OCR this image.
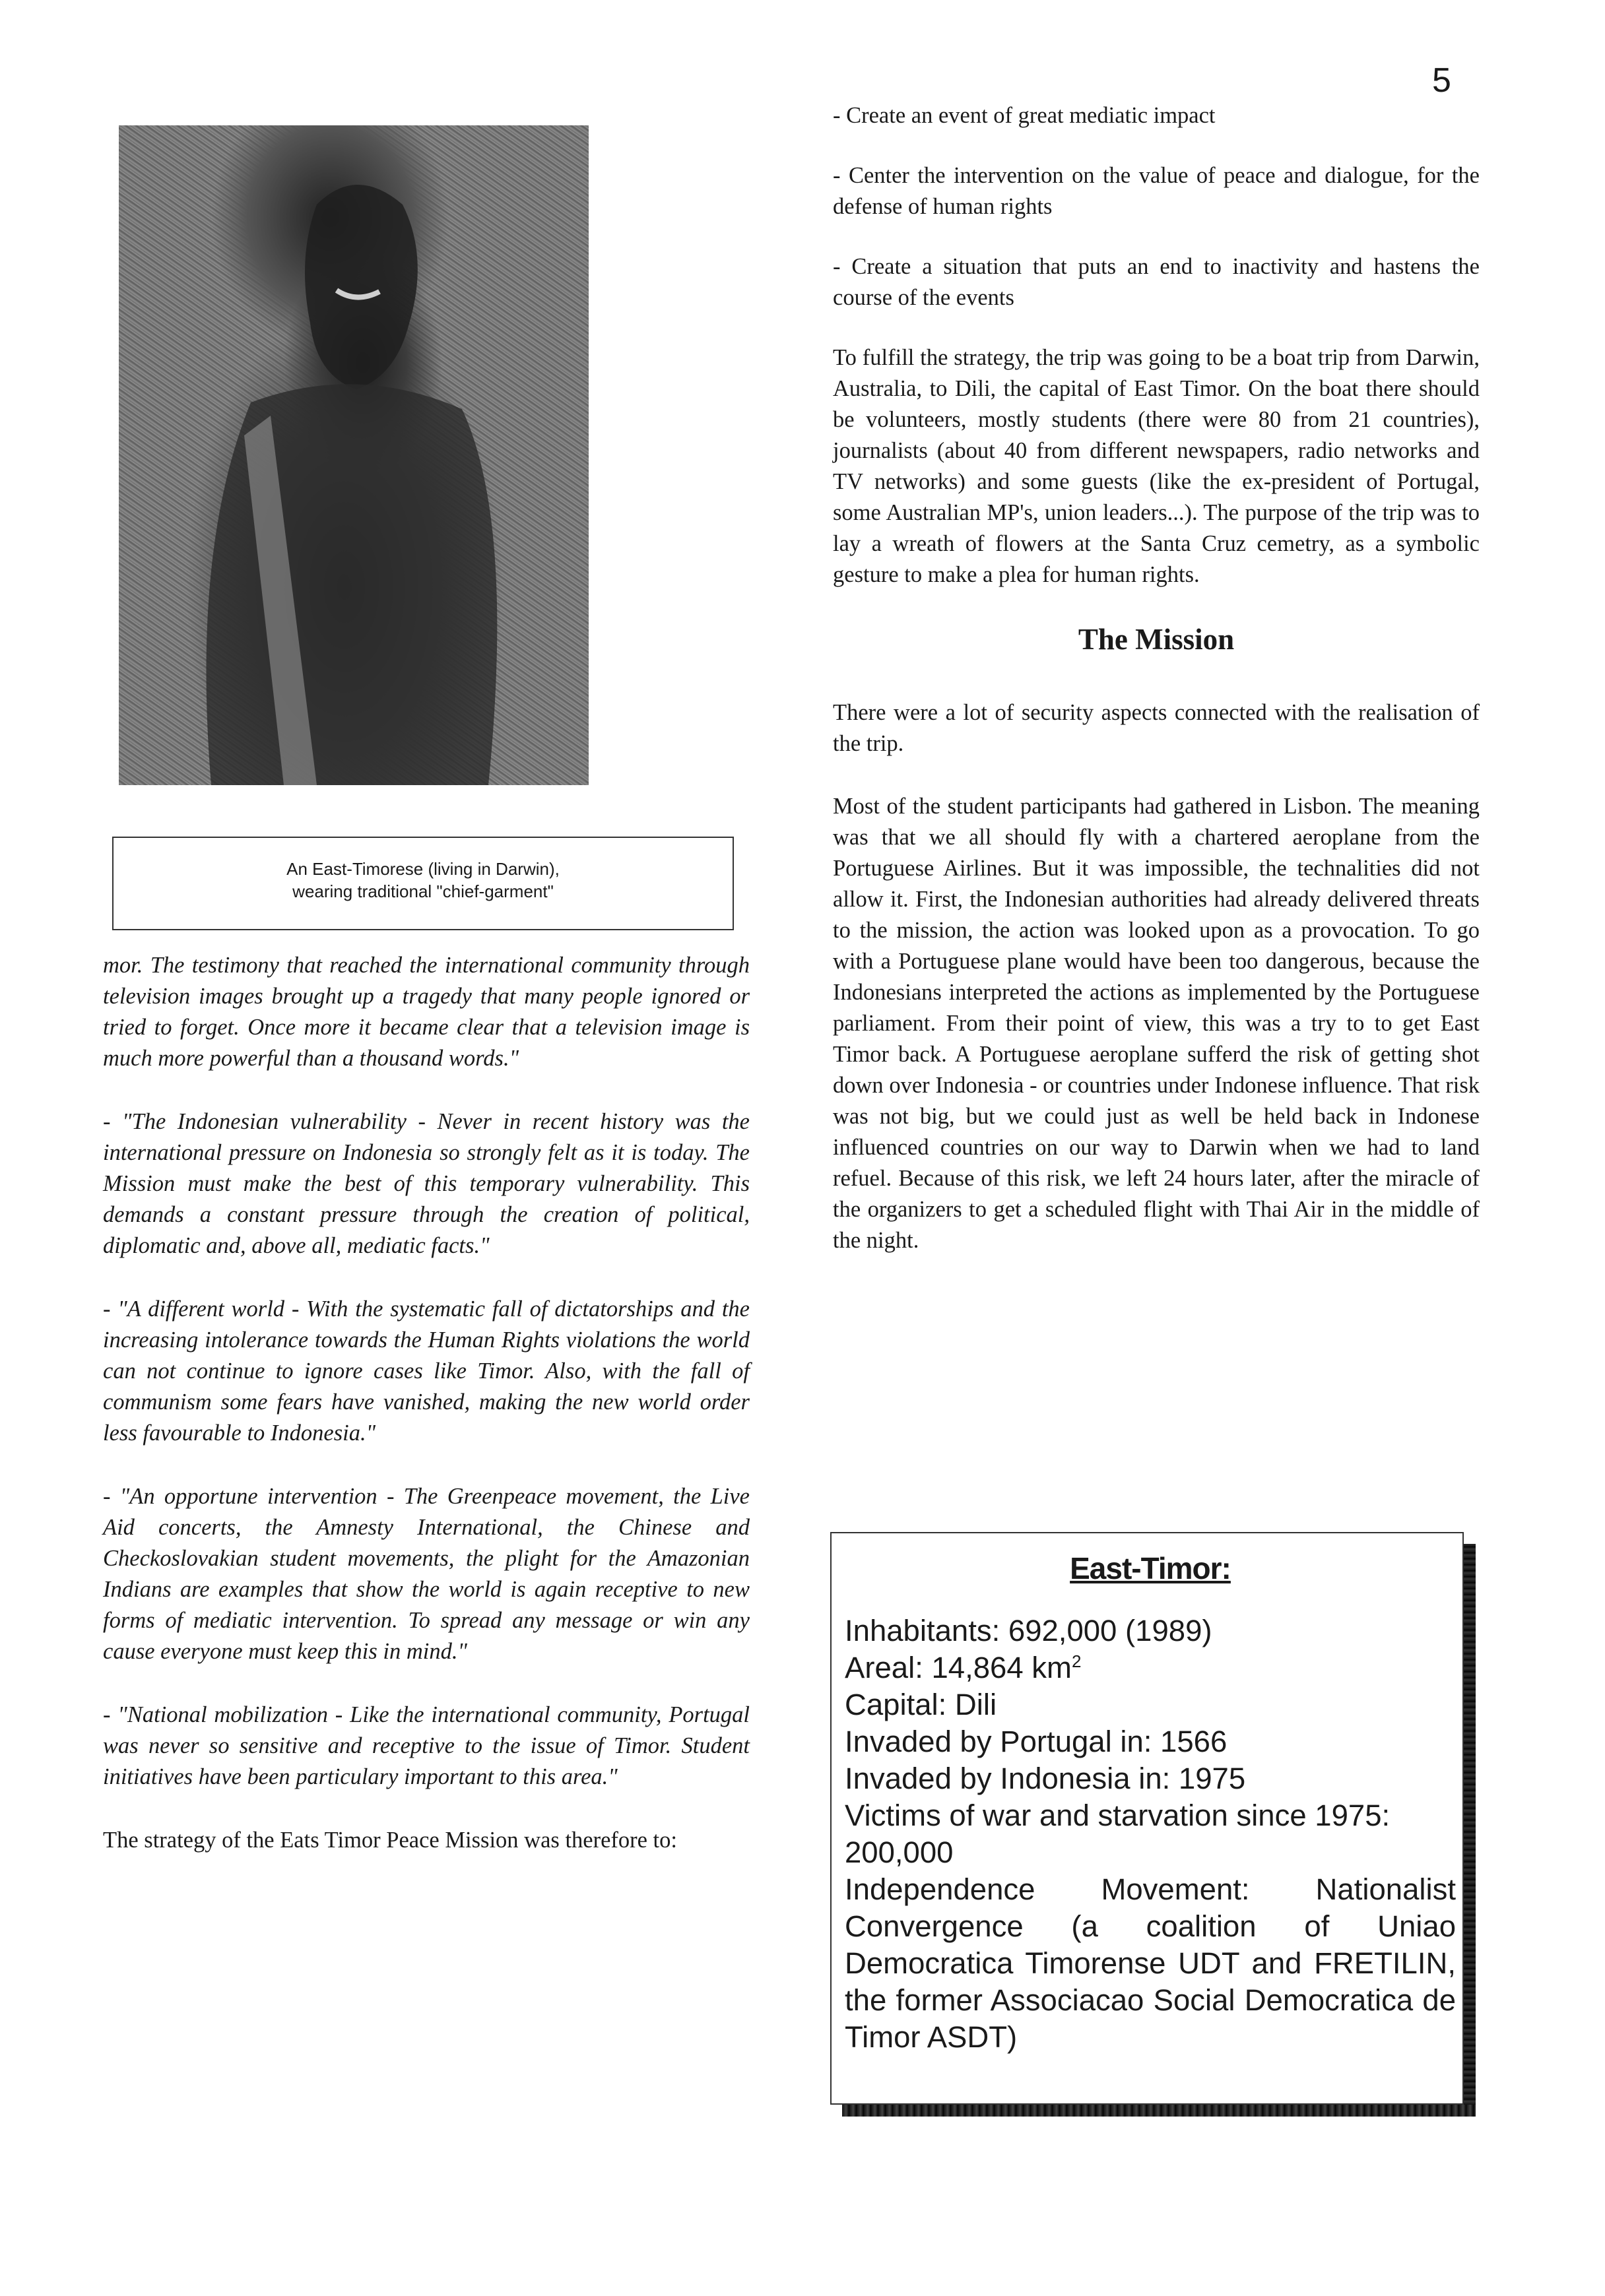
5
An East-Timorese (living in Darwin),
wearing traditional "chief-garment"

mor. The testimony that reached the international community through television images brought up a tragedy that many people ignored or tried to forget. Once more it became clear that a television image is much more powerful than a thousand words."

- "The Indonesian vulnerability - Never in recent history was the international pressure on Indonesia so strongly felt as it is today. The Mission must make the best of this temporary vulnerability. This demands a constant pressure through the creation of political, diplomatic and, above all, mediatic facts."

- "A different world - With the systematic fall of dictatorships and the increasing intolerance towards the Human Rights violations the world can not continue to ignore cases like Timor. Also, with the fall of communism some fears have vanished, making the new world order less favourable to Indonesia."

- "An opportune intervention - The Greenpeace movement, the Live Aid concerts, the Amnesty International, the Chinese and Checkoslovakian student movements, the plight for the Amazonian Indians are examples that show the world is again receptive to new forms of mediatic intervention. To spread any message or win any cause everyone must keep this in mind."

- "National mobilization - Like the international community, Portugal was never so sensitive and receptive to the issue of Timor. Student initiatives have been particulary important to this area."

The strategy of the Eats Timor Peace Mission was therefore to:

- Create an event of great mediatic impact

- Center the intervention on the value of peace and dialogue, for the defense of human rights

- Create a situation that puts an end to inactivity and hastens the course of the events

To fulfill the strategy, the trip was going to be a boat trip from Darwin, Australia, to Dili, the capital of East Timor. On the boat there should be volunteers, mostly students (there were 80 from 21 countries), journalists (about 40 from different newspapers, radio networks and TV networks) and some guests (like the ex-president of Portugal, some Australian MP's, union leaders...). The purpose of the trip was to lay a wreath of flowers at the Santa Cruz cemetry, as a symbolic gesture to make a plea for human rights.

The Mission

There were a lot of security aspects connected with the realisation of the trip.

Most of the student participants had gathered in Lisbon. The meaning was that we all should fly with a chartered aeroplane from the Portuguese Airlines. But it was impossible, the technalities did not allow it. First, the Indonesian authorities had already delivered threats to the mission, the action was looked upon as a provocation. To go with a Portuguese plane would have been too dangerous, because the Indonesians interpreted the actions as implemented by the Portuguese parliament. From their point of view, this was a try to to get East Timor back. A Portuguese aeroplane sufferd the risk of getting shot down over Indonesia - or countries under Indonese influence. That risk was not big, but we could just as well be held back in Indonese influenced countries on our way to Darwin when we had to land refuel. Because of this risk, we left 24 hours later, after the miracle of the organizers to get a scheduled flight with Thai Air in the middle of the night.

East-Timor:

Inhabitants: 692,000 (1989)

Areal: 14,864 $km^2$

Capital: Dili

Invaded by Portugal in: 1566

Invaded by Indonesia in: 1975

Victims of war and starvation since 1975: 200,000

Independence Movement: Nationalist Convergence (a coalition of Uniao Democratica Timorense UDT and FRETILIN, the former Associacao Social Democratica de Timor ASDT)
